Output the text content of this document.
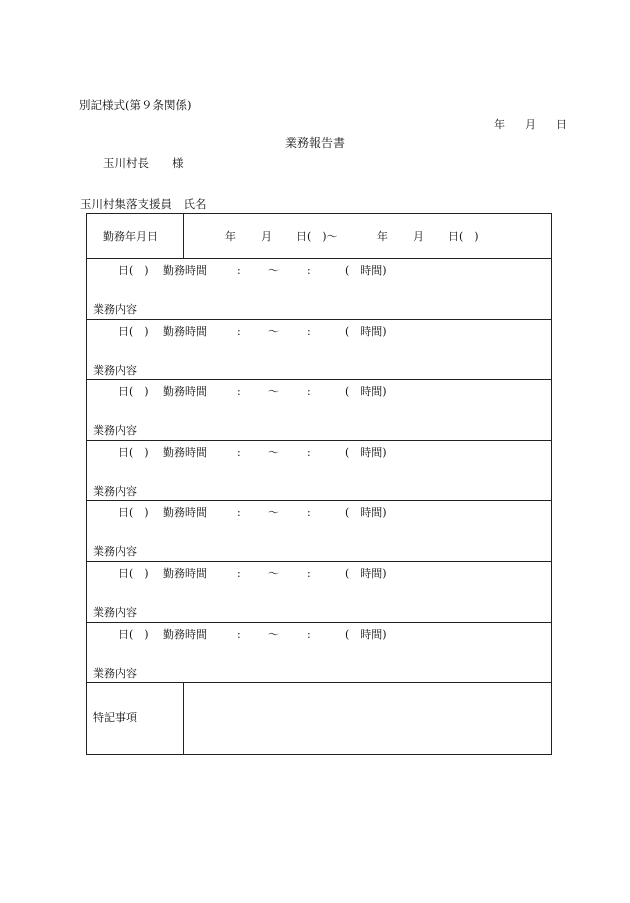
別記様式(第９条関係)
年 月 日
業務報告書
玉川村長　　様
玉川村集落支援員　氏名
勤務年月日	年 月 日(　)～	年 月 日(　)
日(　) 勤務時間	: ～	:	(　時間)
業務内容
日(　) 勤務時間	: ～	:	(　時間)
業務内容
日(　) 勤務時間	: ～	:	(　時間)
業務内容
日(　) 勤務時間	: ～	:	(　時間)
業務内容
日(　) 勤務時間	: ～	:	(　時間)
業務内容
日(　) 勤務時間	: ～	:	(　時間)
業務内容
日(　) 勤務時間	: ～	:	(　時間)
業務内容
特記事項
